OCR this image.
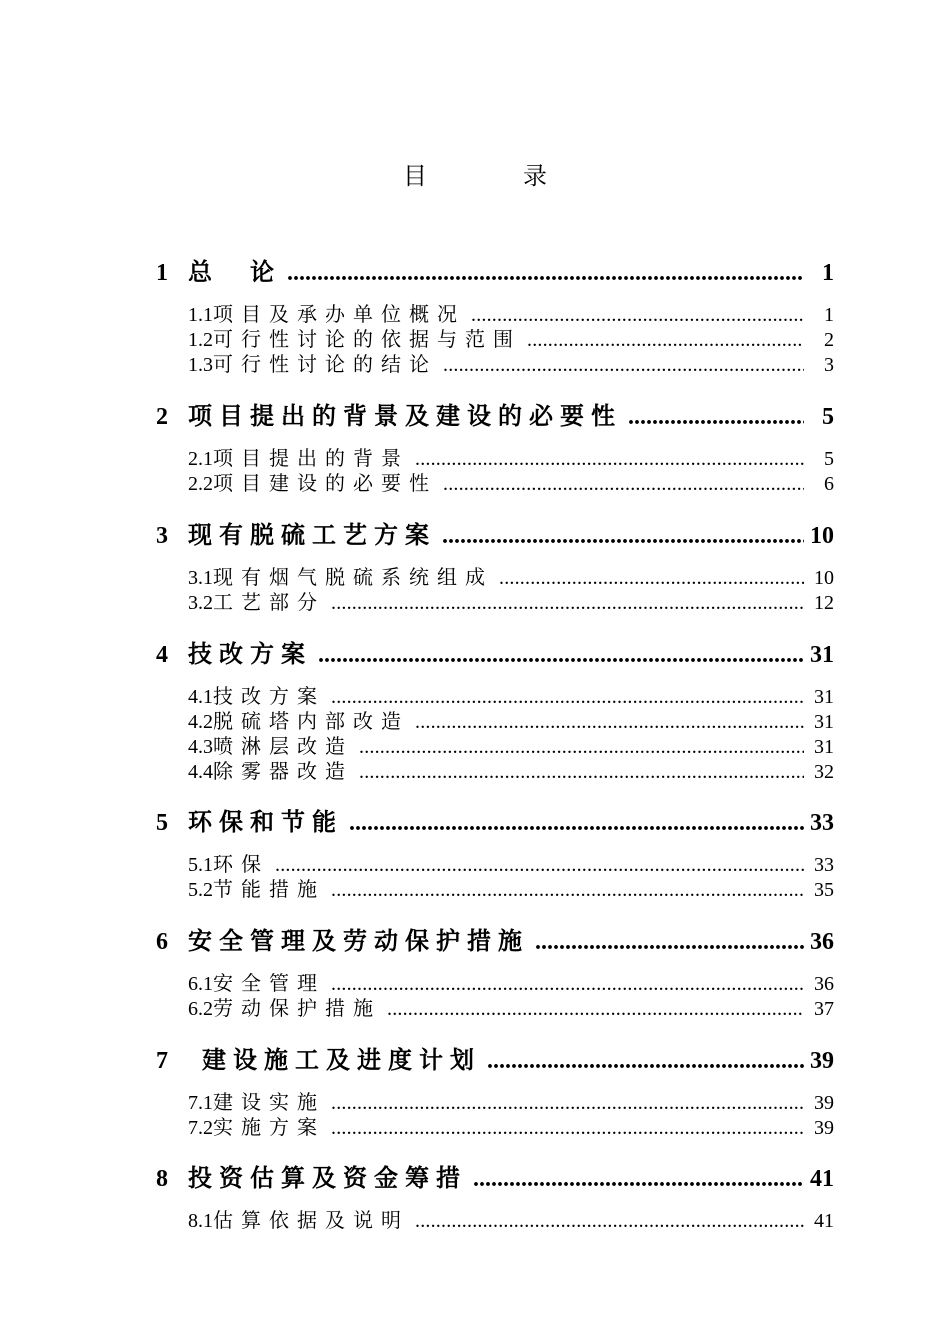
目	录
1 总　论 .....	1
1.1 项目及承办单位概况 .....	1
1.2 可行性讨论的依据与范围 .....	2
1.3 可行性讨论的结论 .....	3
2 项目提出的背景及建设的必要性 .....	5
2.1 项目提出的背景 .....	5
2.2 项目建设的必要性 .....	6
3 现有脱硫工艺方案 .....	10
3.1 现有烟气脱硫系统组成 .....	10
3.2 工艺部分 .....	12
4 技改方案 .....	31
4.1 技改方案 .....	31
4.2 脱硫塔内部改造 .....	31
4.3 喷淋层改造 .....	31
4.4 除雾器改造 .....	32
5 环保和节能 .....	33
5.1 环保 .....	33
5.2 节能措施 .....	35
6 安全管理及劳动保护措施 .....	36
6.1 安全管理 .....	36
6.2 劳动保护措施 .....	37
7	建设施工及进度计划 .....	39
7.1 建设实施 .....	39
7.2 实施方案 .....	39
8 投资估算及资金筹措 .....	41
8.1 估算依据及说明 .....	41
